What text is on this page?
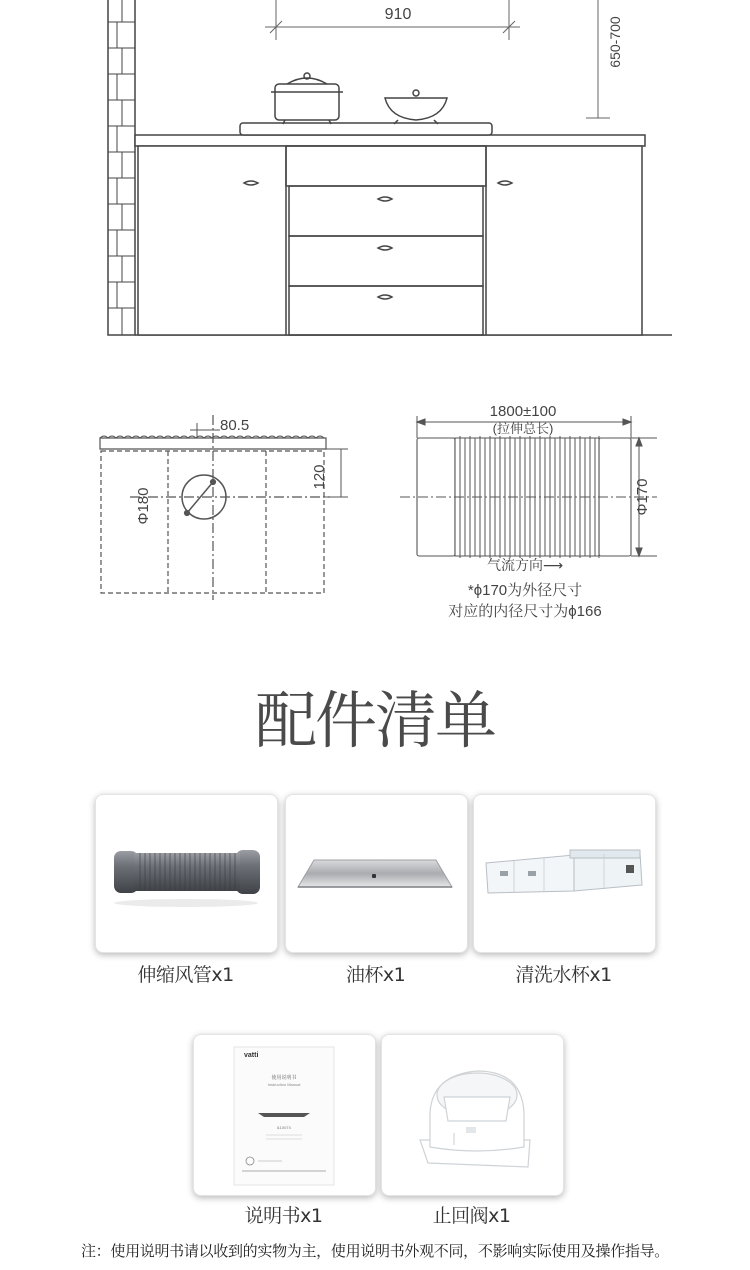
910
650-700
80.5
120
Φ180
1800±100
(拉伸总长)
Φ170
气流方向⟶
*ϕ170为外径尺寸
对应的内径尺寸为ϕ166
配件清单
伸缩风管x1	油杯x1	清洗水杯x1
vatti
使用说明书
Instruction Manual
i11007X
说明书x1	止回阀x1
注：使用说明书请以收到的实物为主，使用说明书外观不同，不影响实际使用及操作指导。
